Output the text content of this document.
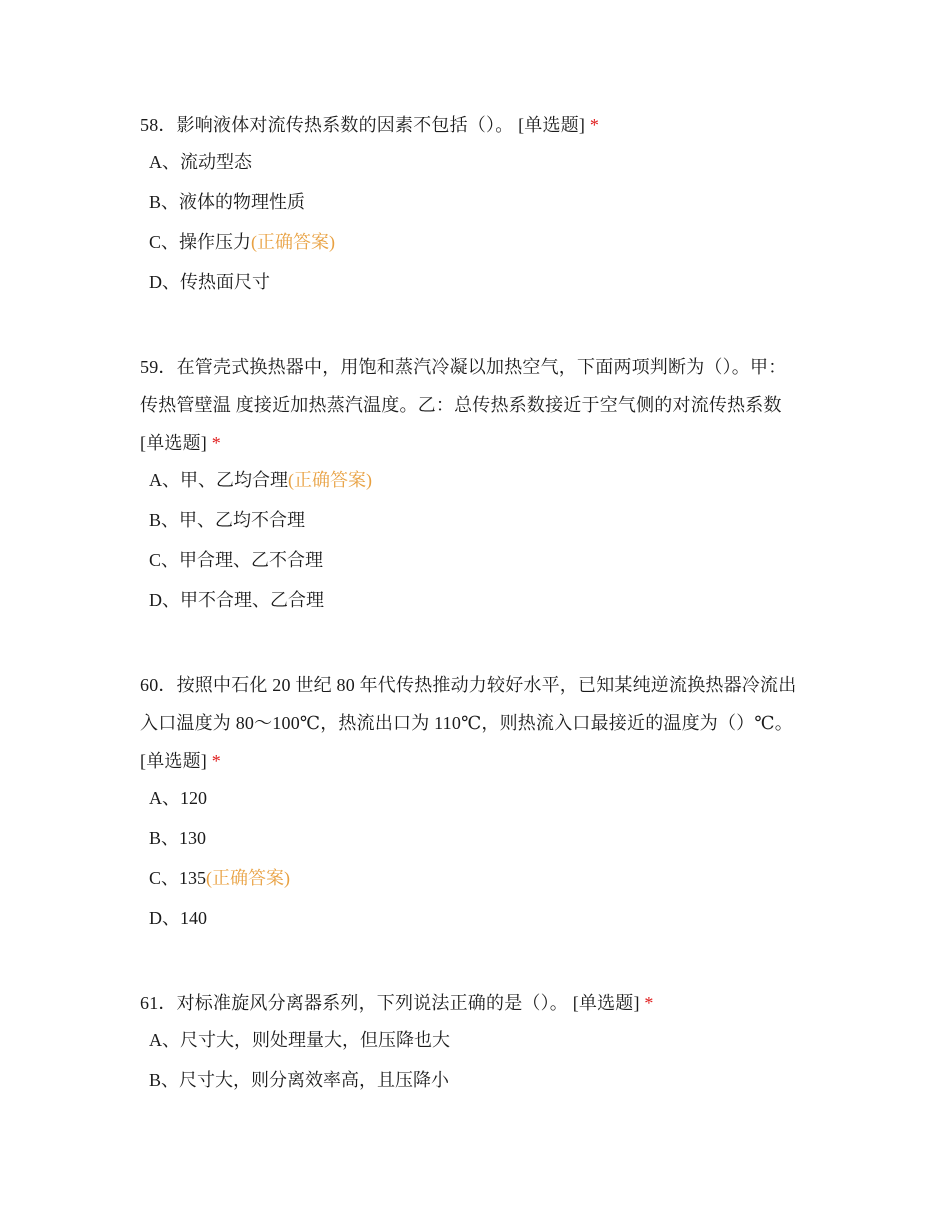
58．影响液体对流传热系数的因素不包括（）。 [单选题] *

A、流动型态
B、液体的物理性质
C、操作压力(正确答案)
D、传热面尺寸

59．在管壳式换热器中，用饱和蒸汽冷凝以加热空气，下面两项判断为（）。甲：
传热管壁温 度接近加热蒸汽温度。乙：总传热系数接近于空气侧的对流传热系数
[单选题] *

A、甲、乙均合理(正确答案)
B、甲、乙均不合理
C、甲合理、乙不合理
D、甲不合理、乙合理

60．按照中石化 20 世纪 80 年代传热推动力较好水平，已知某纯逆流换热器冷流出
入口温度为 80～100℃，热流出口为 110℃，则热流入口最接近的温度为（）℃。
[单选题] *

A、120
B、130
C、135(正确答案)
D、140

61．对标准旋风分离器系列，下列说法正确的是（）。 [单选题] *

A、尺寸大，则处理量大，但压降也大
B、尺寸大，则分离效率高，且压降小
